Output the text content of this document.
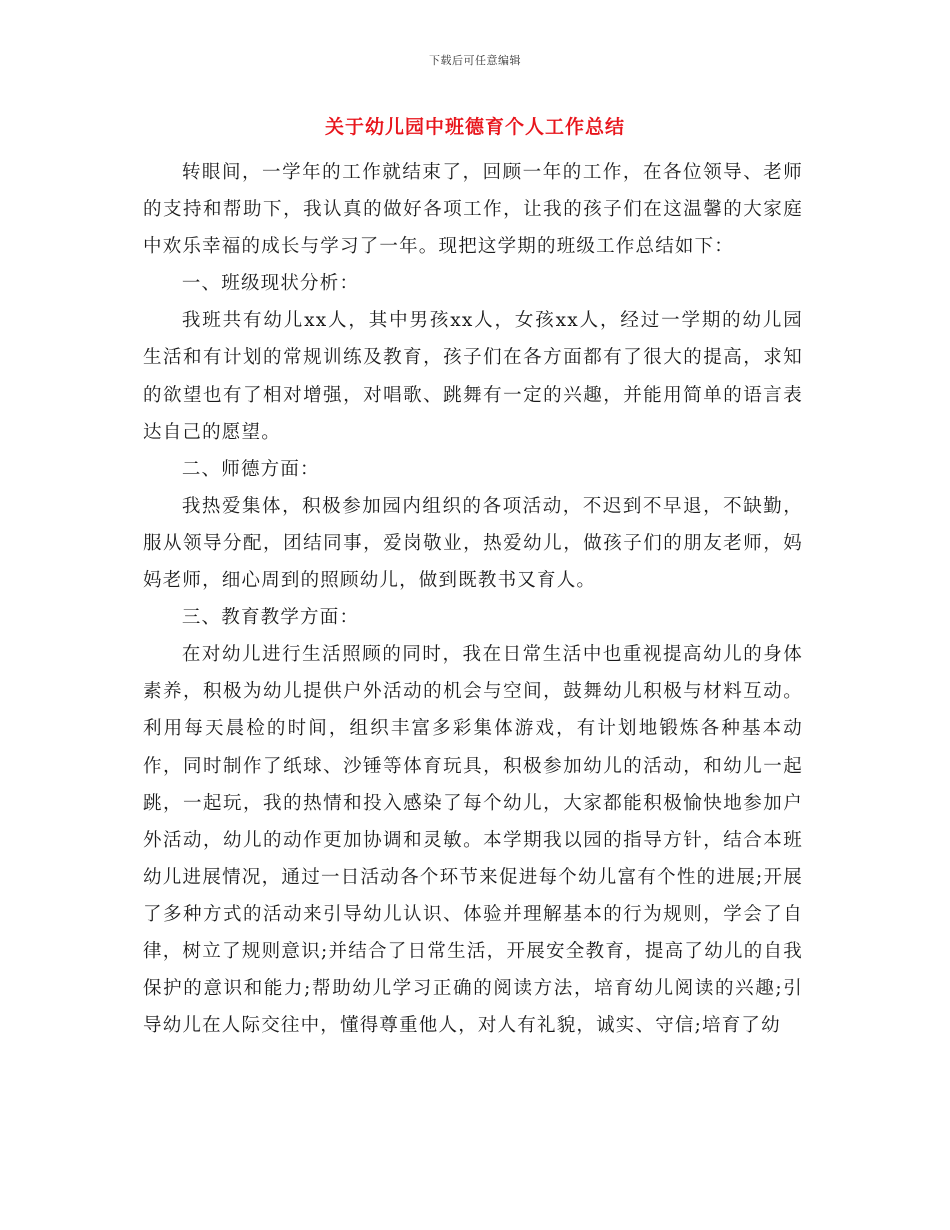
下载后可任意编辑
关于幼儿园中班德育个人工作总结

转眼间，一学年的工作就结束了，回顾一年的工作，在各位领导、老师的支持和帮助下，我认真的做好各项工作，让我的孩子们在这温馨的大家庭中欢乐幸福的成长与学习了一年。现把这学期的班级工作总结如下：

一、班级现状分析：

我班共有幼儿xx人，其中男孩xx人，女孩xx人，经过一学期的幼儿园生活和有计划的常规训练及教育，孩子们在各方面都有了很大的提高，求知的欲望也有了相对增强，对唱歌、跳舞有一定的兴趣，并能用简单的语言表达自己的愿望。

二、师德方面：

我热爱集体，积极参加园内组织的各项活动，不迟到不早退，不缺勤，服从领导分配，团结同事，爱岗敬业，热爱幼儿，做孩子们的朋友老师，妈妈老师，细心周到的照顾幼儿，做到既教书又育人。

三、教育教学方面：

在对幼儿进行生活照顾的同时，我在日常生活中也重视提高幼儿的身体素养，积极为幼儿提供户外活动的机会与空间，鼓舞幼儿积极与材料互动。利用每天晨检的时间，组织丰富多彩集体游戏，有计划地锻炼各种基本动作，同时制作了纸球、沙锤等体育玩具，积极参加幼儿的活动，和幼儿一起跳，一起玩，我的热情和投入感染了每个幼儿，大家都能积极愉快地参加户外活动，幼儿的动作更加协调和灵敏。本学期我以园的指导方针，结合本班幼儿进展情况，通过一日活动各个环节来促进每个幼儿富有个性的进展;开展了多种方式的活动来引导幼儿认识、体验并理解基本的行为规则，学会了自律，树立了规则意识;并结合了日常生活，开展安全教育，提高了幼儿的自我保护的意识和能力;帮助幼儿学习正确的阅读方法，培育幼儿阅读的兴趣;引导幼儿在人际交往中，懂得尊重他人，对人有礼貌，诚实、守信;培育了幼
